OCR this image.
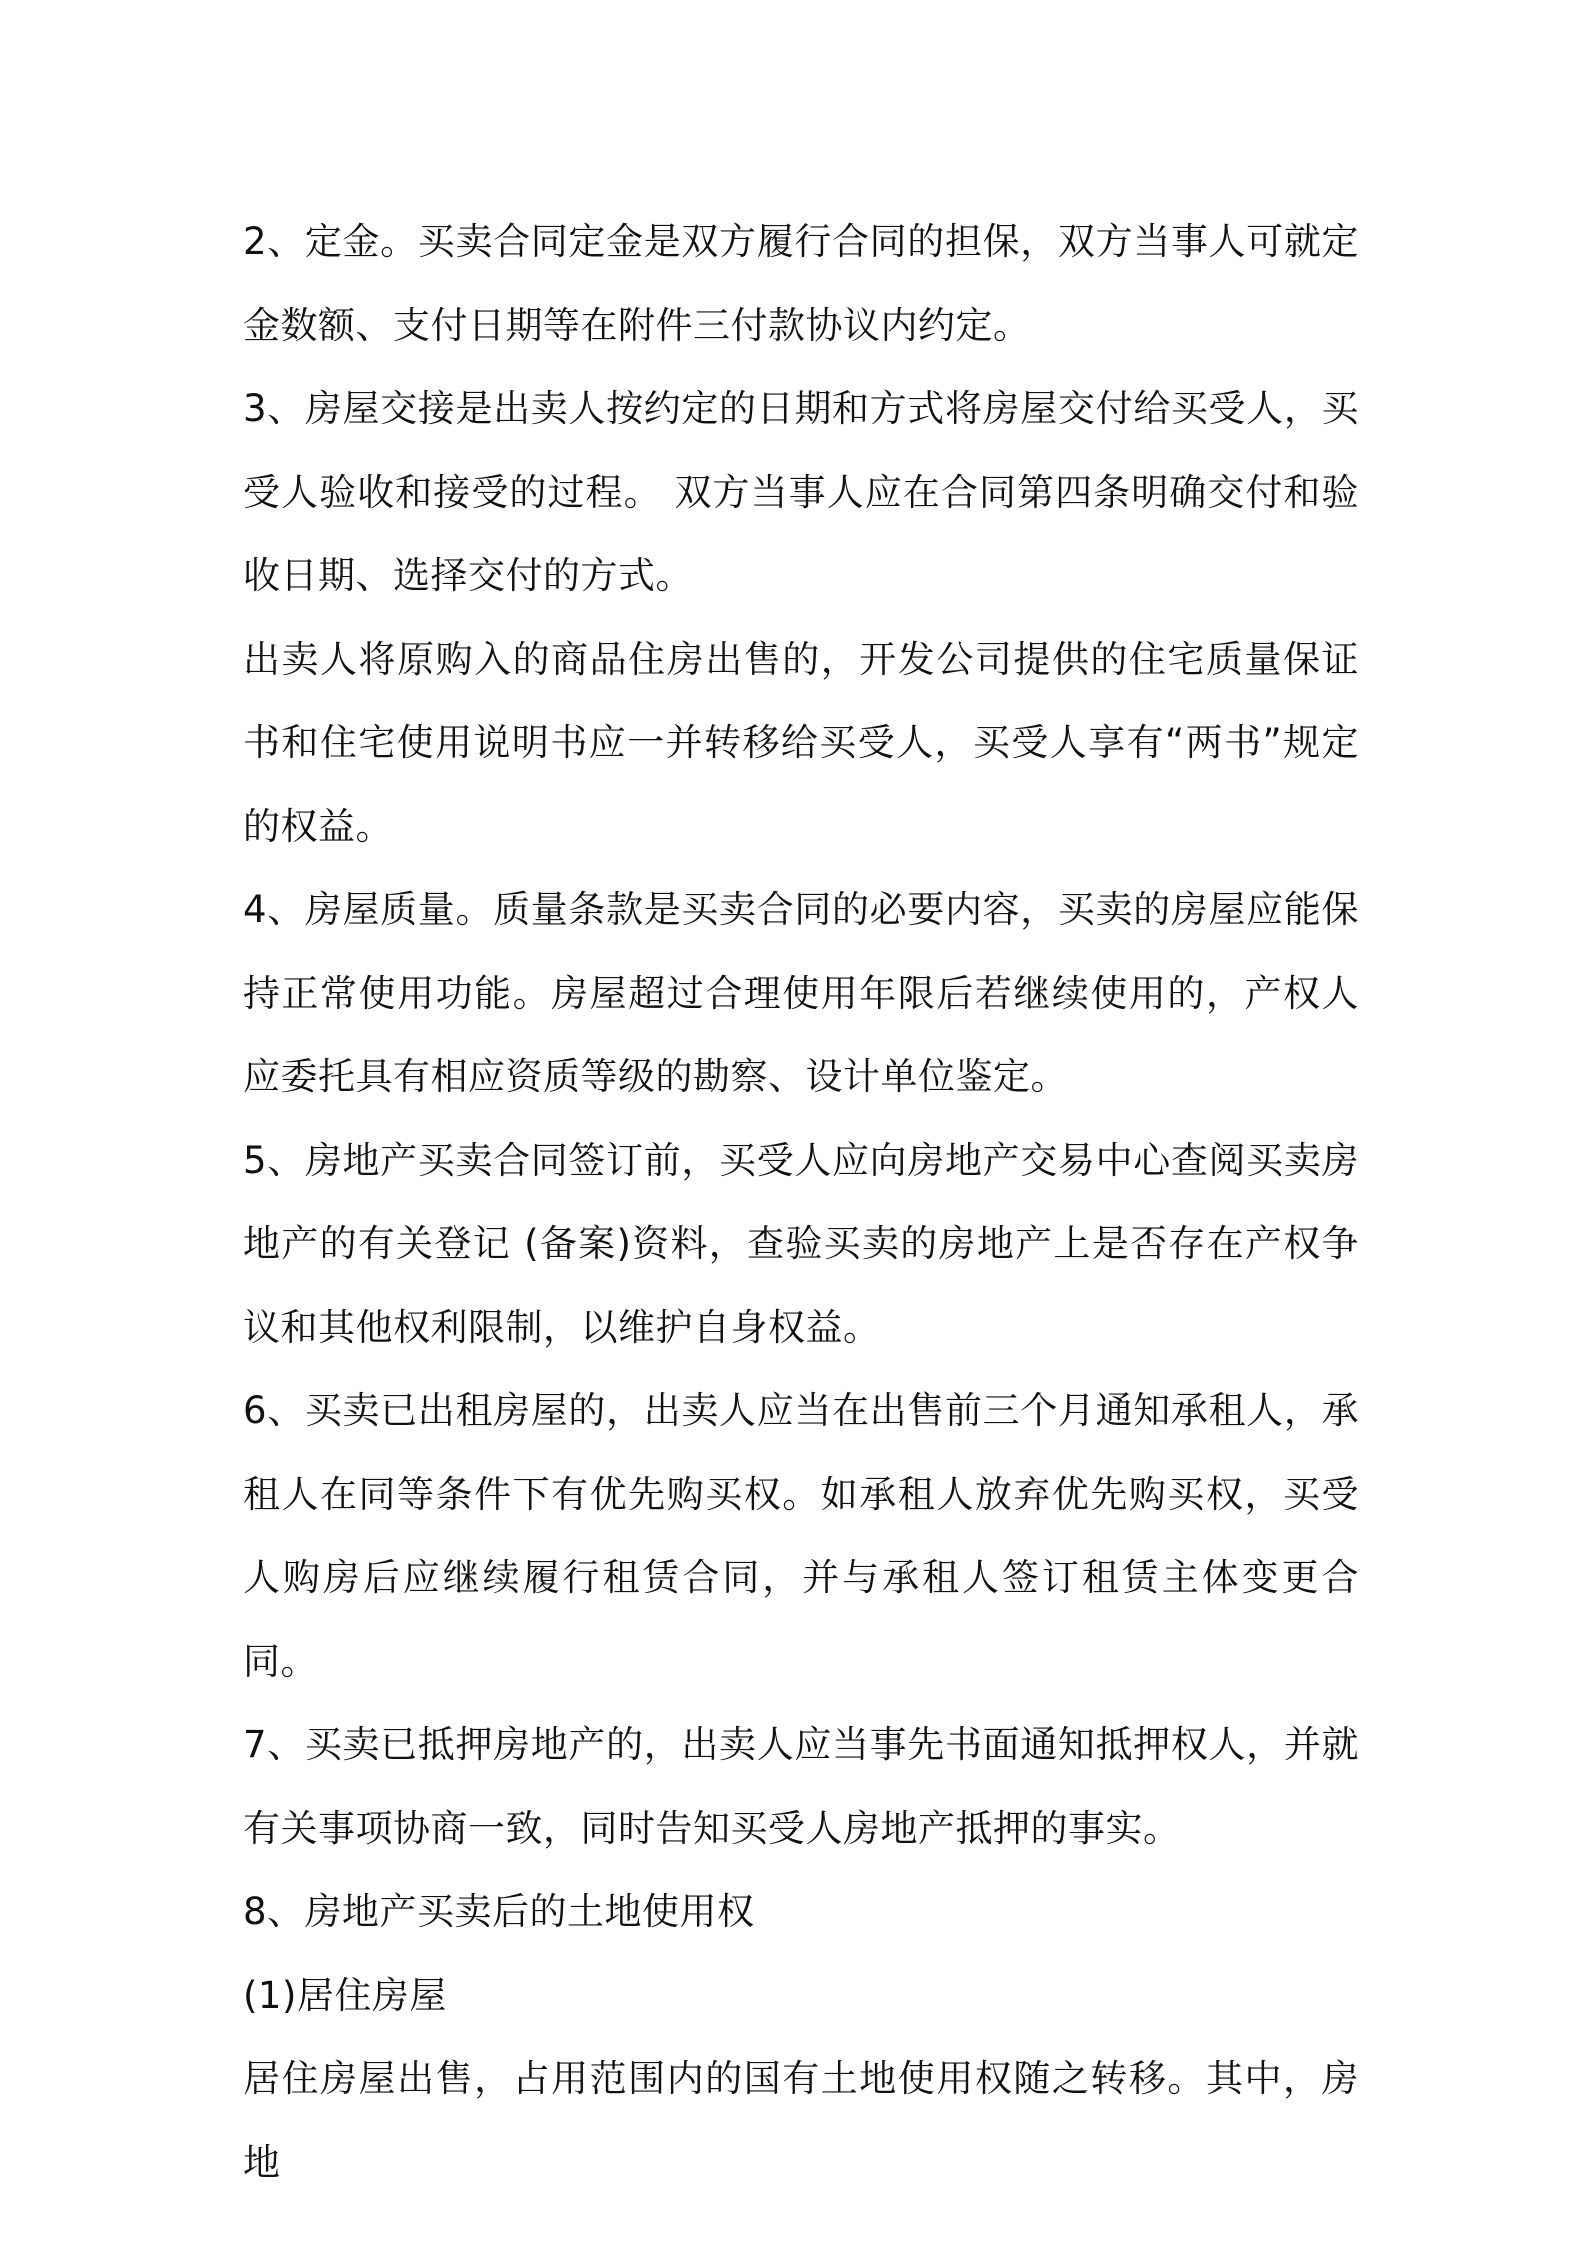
2、定金。买卖合同定金是双方履行合同的担保，双方当事人可就定金数额、支付日期等在附件三付款协议内约定。

3、房屋交接是出卖人按约定的日期和方式将房屋交付给买受人，买受人验收和接受的过程。 双方当事人应在合同第四条明确交付和验收日期、选择交付的方式。

出卖人将原购入的商品住房出售的，开发公司提供的住宅质量保证书和住宅使用说明书应一并转移给买受人，买受人享有“两书”规定的权益。

4、房屋质量。质量条款是买卖合同的必要内容，买卖的房屋应能保持正常使用功能。房屋超过合理使用年限后若继续使用的，产权人应委托具有相应资质等级的勘察、设计单位鉴定。

5、房地产买卖合同签订前，买受人应向房地产交易中心查阅买卖房地产的有关登记 (备案)资料，查验买卖的房地产上是否存在产权争议和其他权利限制，以维护自身权益。

6、买卖已出租房屋的，出卖人应当在出售前三个月通知承租人，承租人在同等条件下有优先购买权。如承租人放弃优先购买权，买受人购房后应继续履行租赁合同，并与承租人签订租赁主体变更合同。

7、买卖已抵押房地产的，出卖人应当事先书面通知抵押权人，并就有关事项协商一致，同时告知买受人房地产抵押的事实。

8、房地产买卖后的土地使用权

(1)居住房屋

居住房屋出售，占用范围内的国有土地使用权随之转移。其中，房地
